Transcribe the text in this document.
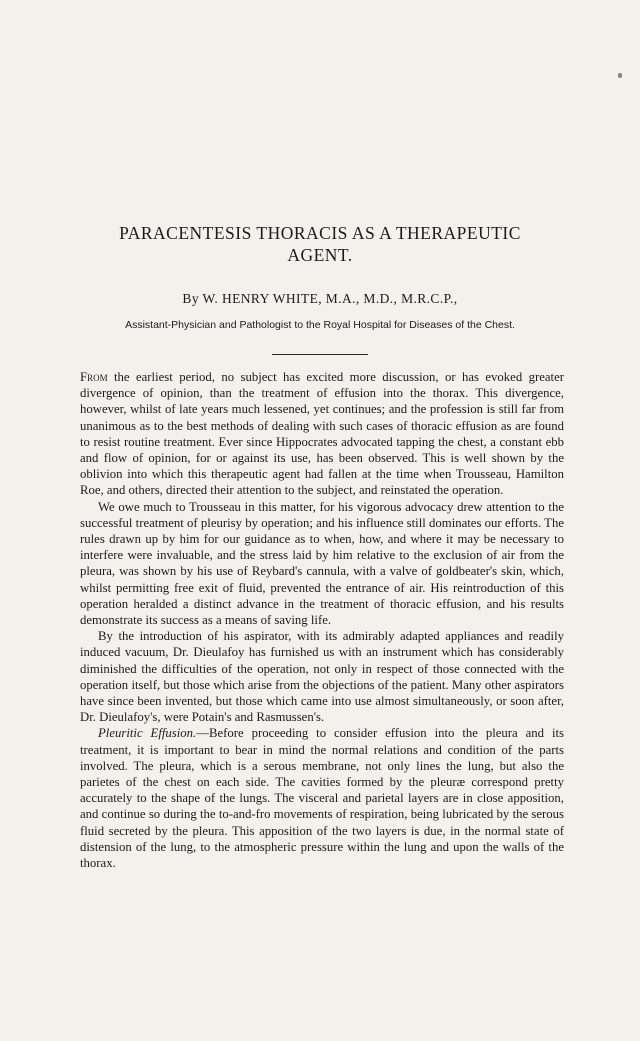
PARACENTESIS THORACIS AS A THERAPEUTIC
AGENT.
By W. HENRY WHITE, M.A., M.D., M.R.C.P.,
Assistant-Physician and Pathologist to the Royal Hospital for Diseases of the Chest.

From the earliest period, no subject has excited more discussion, or has evoked greater divergence of opinion, than the treatment of effusion into the thorax. This divergence, however, whilst of late years much lessened, yet continues; and the profession is still far from unanimous as to the best methods of dealing with such cases of thoracic effusion as are found to resist routine treatment. Ever since Hippocrates advocated tapping the chest, a constant ebb and flow of opinion, for or against its use, has been observed. This is well shown by the oblivion into which this therapeutic agent had fallen at the time when Trousseau, Hamilton Roe, and others, directed their attention to the subject, and reinstated the operation.

We owe much to Trousseau in this matter, for his vigorous advocacy drew attention to the successful treatment of pleurisy by operation; and his influence still dominates our efforts. The rules drawn up by him for our guidance as to when, how, and where it may be necessary to interfere were invaluable, and the stress laid by him relative to the exclusion of air from the pleura, was shown by his use of Reybard's cannula, with a valve of goldbeater's skin, which, whilst permitting free exit of fluid, prevented the entrance of air. His reintroduction of this operation heralded a distinct advance in the treatment of thoracic effusion, and his results demonstrate its success as a means of saving life.

By the introduction of his aspirator, with its admirably adapted appliances and readily induced vacuum, Dr. Dieulafoy has furnished us with an instrument which has considerably diminished the difficulties of the operation, not only in respect of those connected with the operation itself, but those which arise from the objections of the patient. Many other aspirators have since been invented, but those which came into use almost simultaneously, or soon after, Dr. Dieulafoy's, were Potain's and Rasmussen's.

Pleuritic Effusion.—Before proceeding to consider effusion into the pleura and its treatment, it is important to bear in mind the normal relations and condition of the parts involved. The pleura, which is a serous membrane, not only lines the lung, but also the parietes of the chest on each side. The cavities formed by the pleuræ correspond pretty accurately to the shape of the lungs. The visceral and parietal layers are in close apposition, and continue so during the to-and-fro movements of respiration, being lubricated by the serous fluid secreted by the pleura. This apposition of the two layers is due, in the normal state of distension of the lung, to the atmospheric pressure within the lung and upon the walls of the thorax.
